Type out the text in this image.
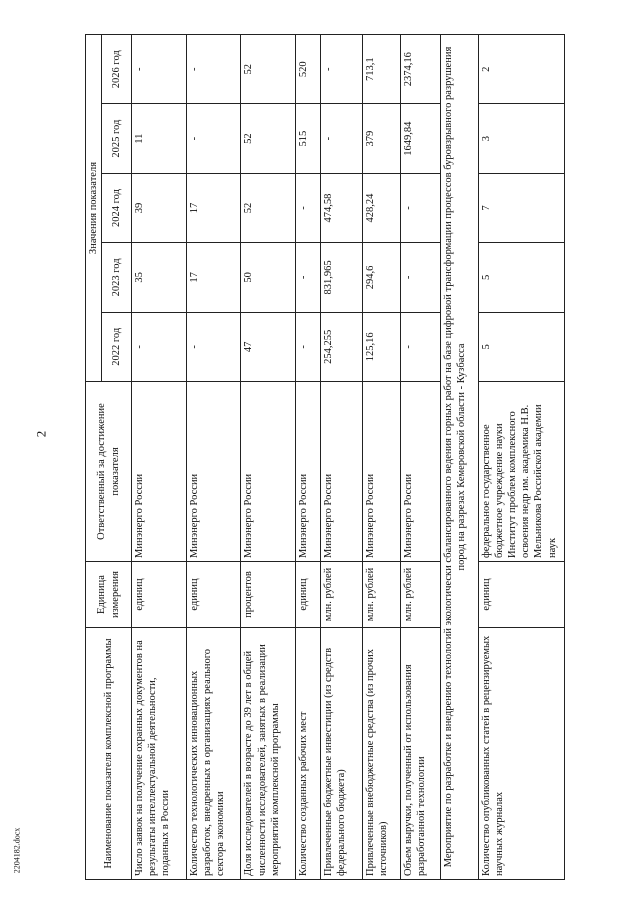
2
2204182.docx	Наименование показателя комплексной программы	Единица измерения	Ответственный за достижение показателя	Значения показателя				
			2022 год	2023 год	2024 год	2025 год	2026 год
Число заявок на получение охранных документов на результаты интеллектуальной деятельности, поданных в России	единиц	Минэнерго России	-	35	39	11	-
Количество технологических инновационных разработок, внедренных в организациях реального сектора экономики	единиц	Минэнерго России	-	17	17	-	-
Доля исследователей в возрасте до 39 лет в общей численности исследователей, занятых в реализации мероприятий комплексной программы	процентов	Минэнерго России	47	50	52	52	52
Количество созданных рабочих мест	единиц	Минэнерго России	-	-	-	515	520
Привлеченные бюджетные инвестиции (из средств федерального бюджета)	млн. рублей	Минэнерго России	254,255	831,965	474,58	-	-
Привлеченные внебюджетные средства (из прочих источников)	млн. рублей	Минэнерго России	125,16	294,6	428,24	379	713,1
Объем выручки, полученный от использования разработанной технологии	млн. рублей	Минэнерго России	-	-	-	1649,84	2374,16
Мероприятие по разработке и внедрению технологий экологически сбалансированного ведения горных работ на базе цифровой трансформации процессов буровзрывного разрушения пород на разрезах Кемеровской области - Кузбасса							
Количество опубликованных статей в рецензируемых научных журналах	единиц	федеральное государственное бюджетное учреждение науки Институт проблем комплексного освоения недр им. академика Н.В. Мельникова Российской академии наук	5	5	7	3	2
